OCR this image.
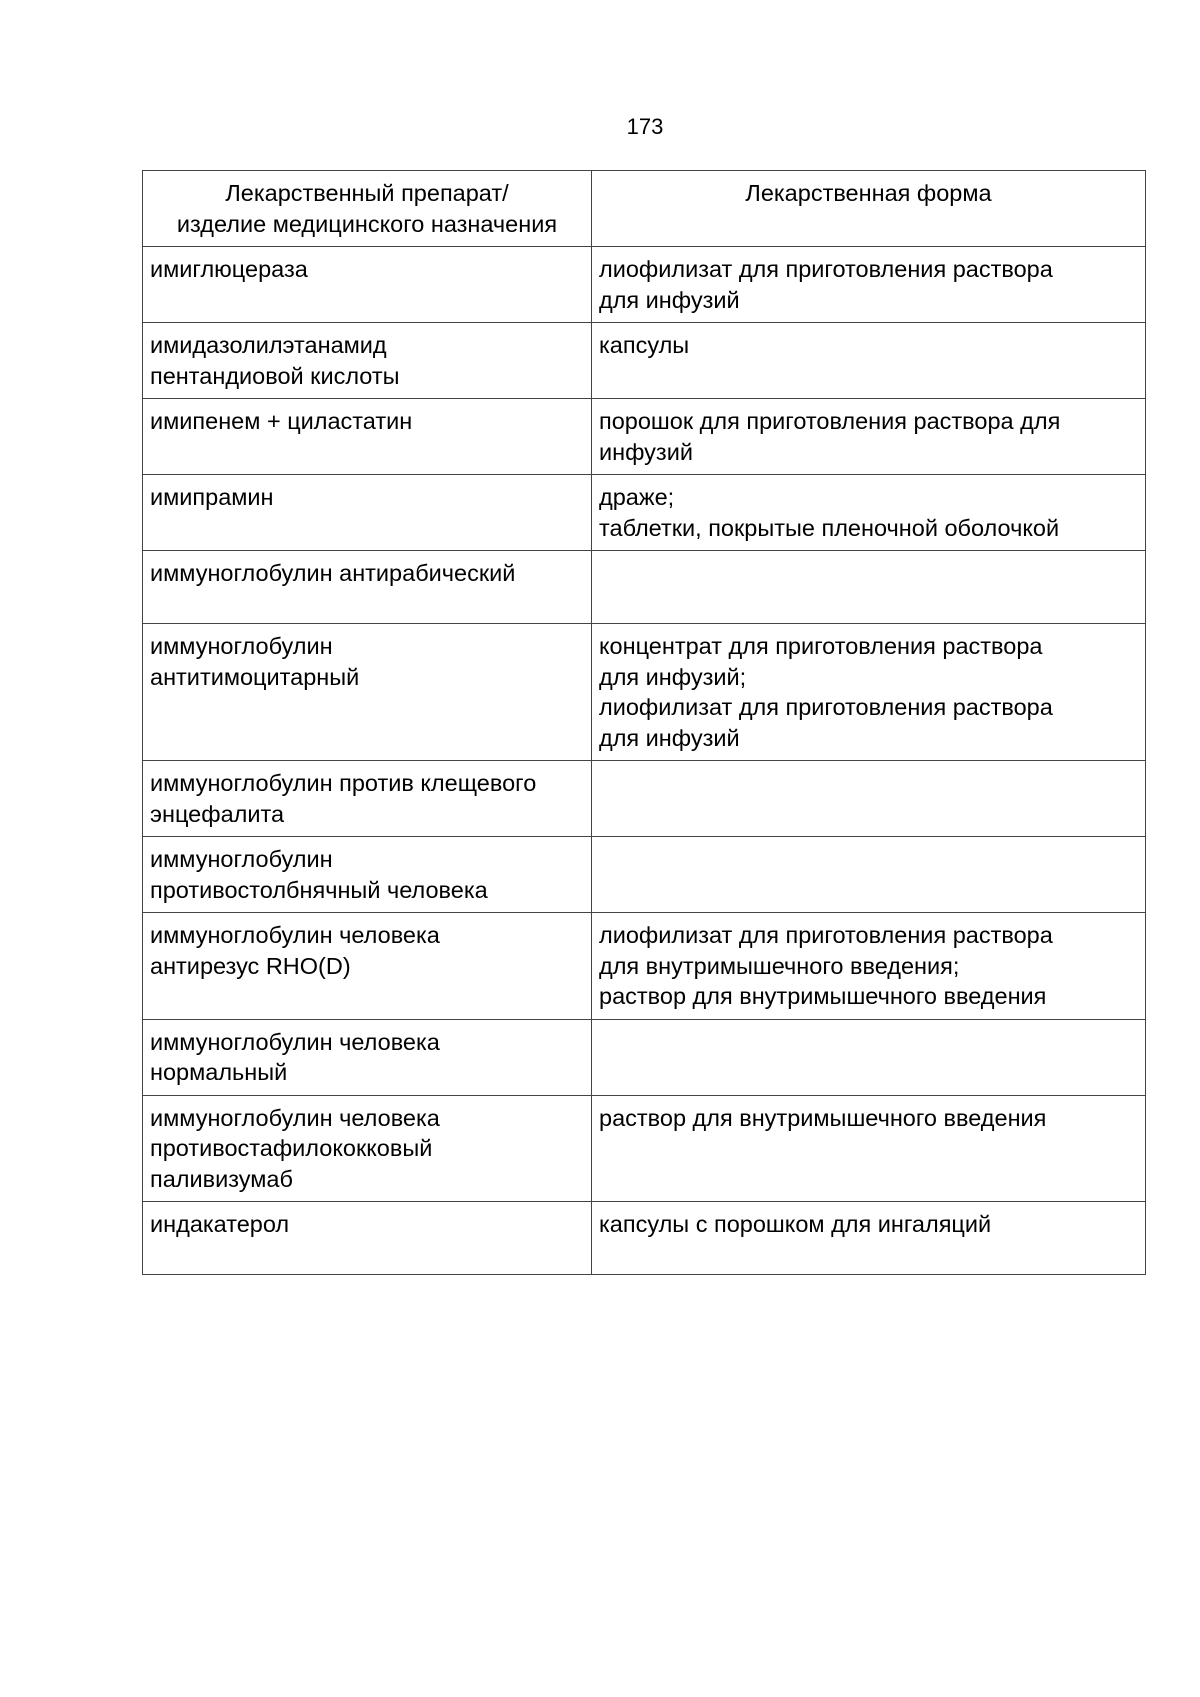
173
Лекарственный препарат/
изделие медицинского назначения	Лекарственная форма

имиглюцераза	лиофилизат для приготовления раствора
для инфузий

имидазолилэтанамид
пентандиовой кислоты	капсулы

имипенем + циластатин	порошок для приготовления раствора для
инфузий

имипрамин	драже;
таблетки, покрытые пленочной оболочкой

иммуноглобулин антирабический	

иммуноглобулин
антитимоцитарный	концентрат для приготовления раствора
для инфузий;
лиофилизат для приготовления раствора
для инфузий

иммуноглобулин против клещевого
энцефалита	

иммуноглобулин
противостолбнячный человека	

иммуноглобулин человека
антирезус RHO(D)	лиофилизат для приготовления раствора
для внутримышечного введения;
раствор для внутримышечного введения

иммуноглобулин человека
нормальный	

иммуноглобулин человека
противостафилококковый
паливизумаб	раствор для внутримышечного введения

индакатерол	капсулы с порошком для ингаляций
